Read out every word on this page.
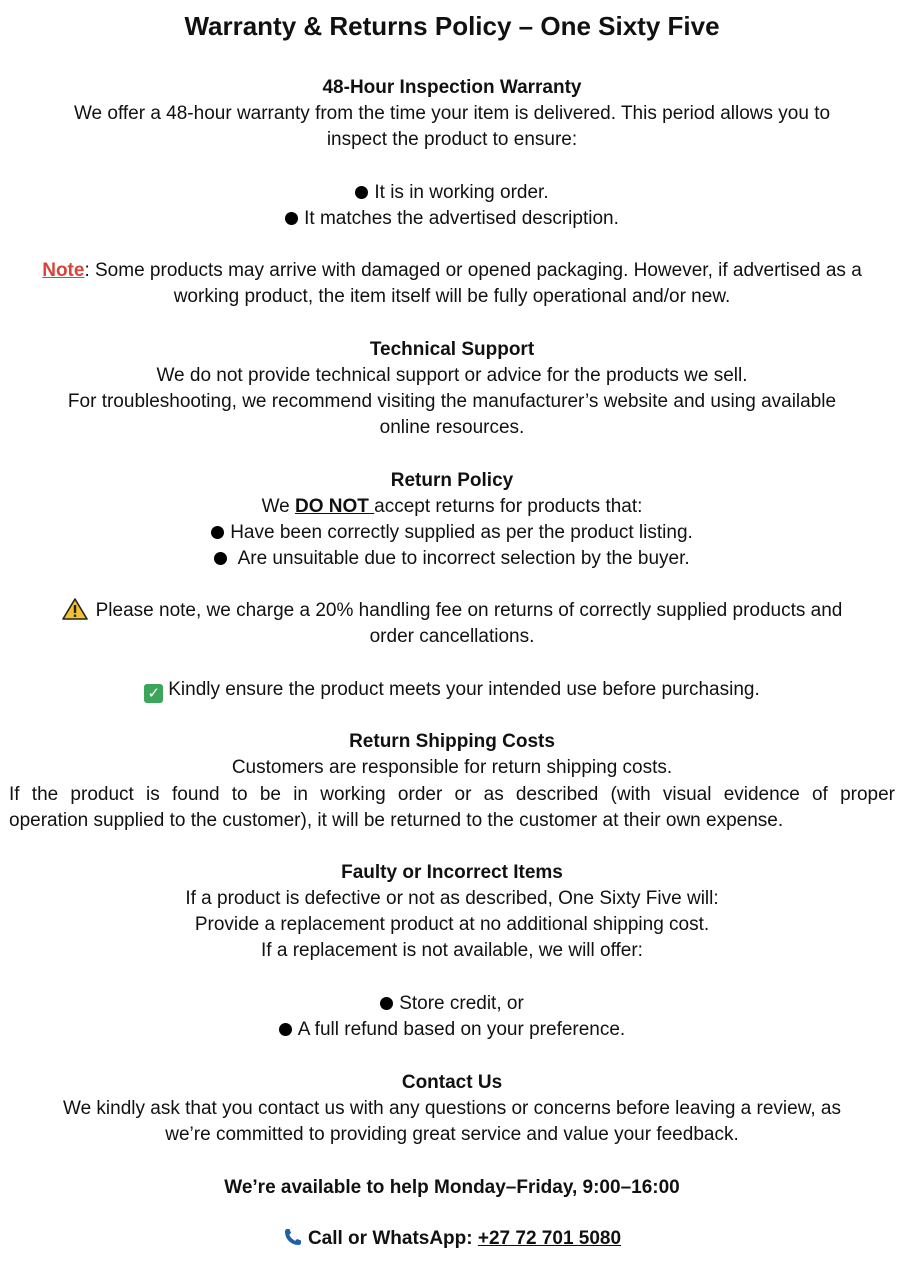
Warranty & Returns Policy – One Sixty Five
48-Hour Inspection Warranty
We offer a 48-hour warranty from the time your item is delivered. This period allows you to
inspect the product to ensure:
It is in working order.
It matches the advertised description.
Note: Some products may arrive with damaged or opened packaging. However, if advertised as a
working product, the item itself will be fully operational and/or new.
Technical Support
We do not provide technical support or advice for the products we sell.
For troubleshooting, we recommend visiting the manufacturer’s website and using available
online resources.
Return Policy
We DO NOT accept returns for products that:
Have been correctly supplied as per the product listing.
Are unsuitable due to incorrect selection by the buyer.
Please note, we charge a 20% handling fee on returns of correctly supplied products and
order cancellations.
✓ Kindly ensure the product meets your intended use before purchasing.
Return Shipping Costs
Customers are responsible for return shipping costs.
If the product is found to be in working order or as described (with visual evidence of proper
operation supplied to the customer), it will be returned to the customer at their own expense.
Faulty or Incorrect Items
If a product is defective or not as described, One Sixty Five will:
Provide a replacement product at no additional shipping cost.
If a replacement is not available, we will offer:
Store credit, or
A full refund based on your preference.
Contact Us
We kindly ask that you contact us with any questions or concerns before leaving a review, as
we’re committed to providing great service and value your feedback.
We’re available to help Monday–Friday, 9:00–16:00
Call or WhatsApp: +27 72 701 5080
